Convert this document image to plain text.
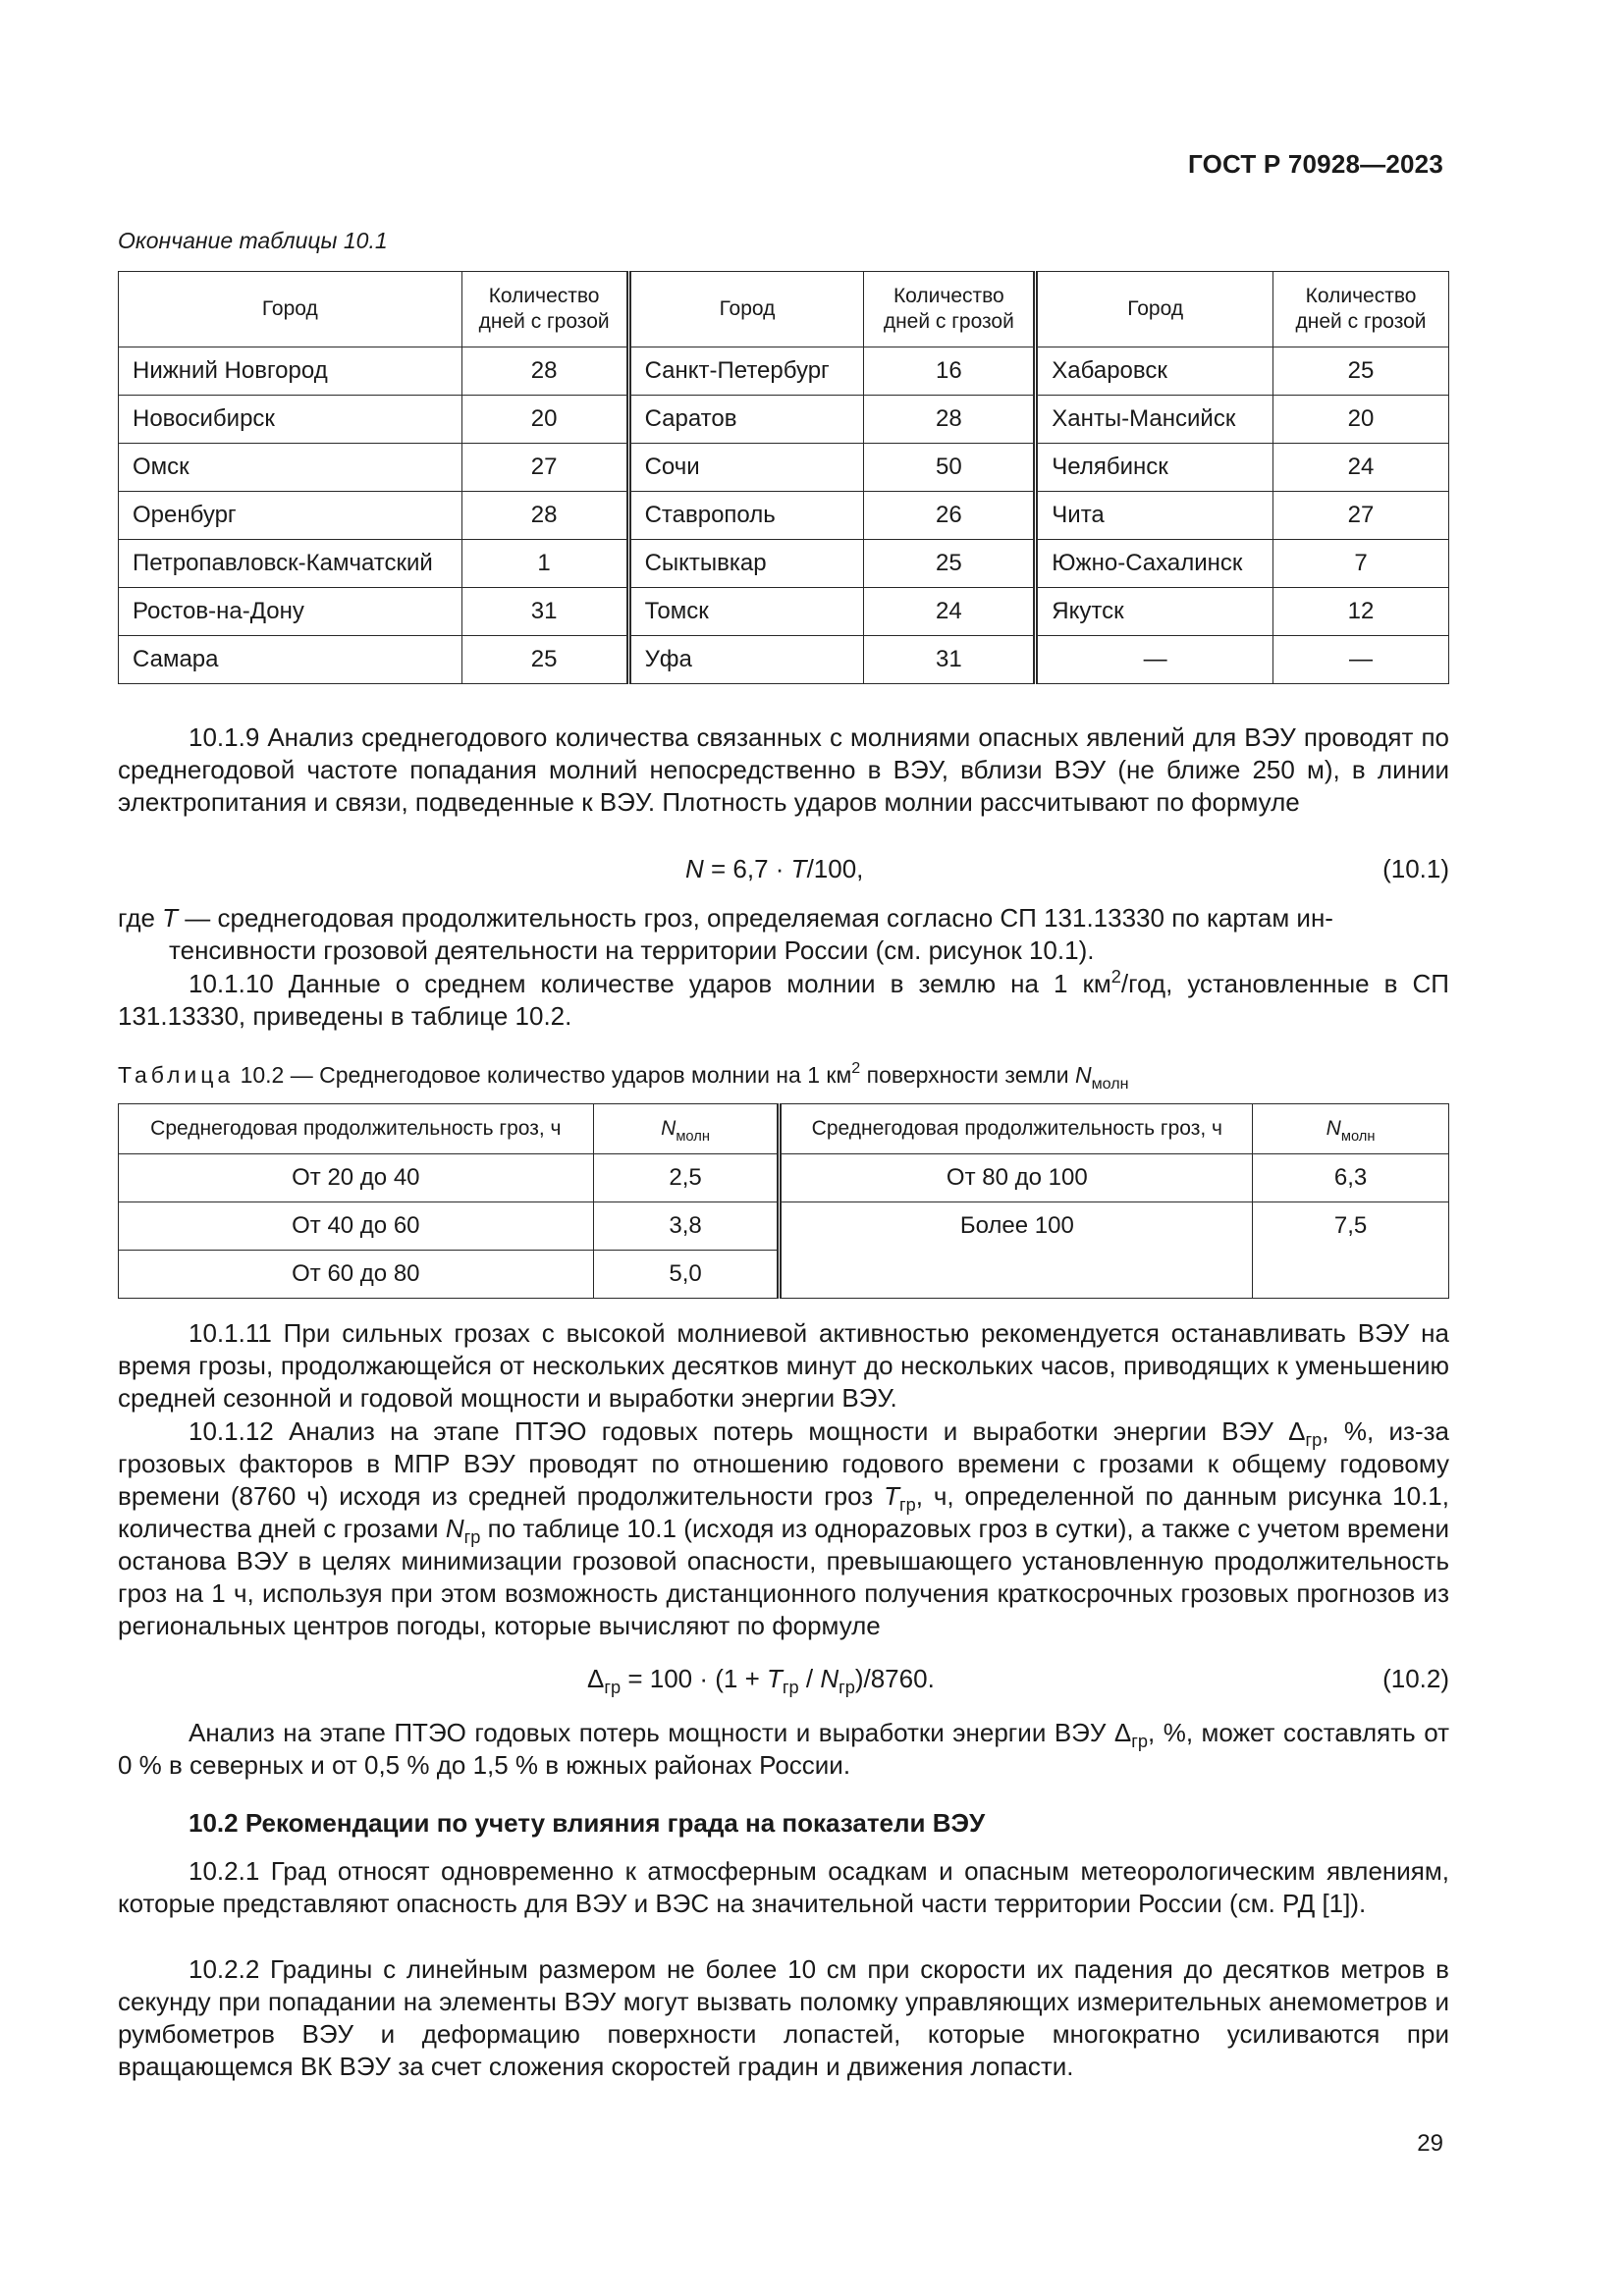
ГОСТ Р 70928—2023
Окончание таблицы 10.1
Город	Количество дней с грозой	Город	Количество дней с грозой	Город	Количество дней с грозой
Нижний Новгород	28	Санкт-Петербург	16	Хабаровск	25
Новосибирск	20	Саратов	28	Ханты-Мансийск	20
Омск	27	Сочи	50	Челябинск	24
Оренбург	28	Ставрополь	26	Чита	27
Петропавловск-Камчатский	1	Сыктывкар	25	Южно-Сахалинск	7
Ростов-на-Дону	31	Томск	24	Якутск	12
Самара	25	Уфа	31	—	—
10.1.9 Анализ среднегодового количества связанных с молниями опасных явлений для ВЭУ проводят по среднегодовой частоте попадания молний непосредственно в ВЭУ, вблизи ВЭУ (не ближе 250 м), в линии электропитания и связи, подведенные к ВЭУ. Плотность ударов молнии рассчитывают по формуле
N = 6,7 · T/100,	(10.1)
где T — среднегодовая продолжительность гроз, определяемая согласно СП 131.13330 по картам ин-
тенсивности грозовой деятельности на территории России (см. рисунок 10.1).
10.1.10 Данные о среднем количестве ударов молнии в землю на 1 $км^2$/год, установленные в СП 131.13330, приведены в таблице 10.2.
Таблица 10.2 — Среднегодовое количество ударов молнии на 1 $км^2$ поверхности земли $N_{молн}$
Среднегодовая продолжительность гроз, ч	$N_{молн}$	Среднегодовая продолжительность гроз, ч	$N_{молн}$
От 20 до 40	2,5	От 80 до 100	6,3
От 40 до 60	3,8	Более 100	7,5
От 60 до 80	5,0		
10.1.11 При сильных грозах с высокой молниевой активностью рекомендуется останавливать ВЭУ на время грозы, продолжающейся от нескольких десятков минут до нескольких часов, приводящих к уменьшению средней сезонной и годовой мощности и выработки энергии ВЭУ.
10.1.12 Анализ на этапе ПТЭО годовых потерь мощности и выработки энергии ВЭУ $\Delta_{гр}$, %, из-за грозовых факторов в МПР ВЭУ проводят по отношению годового времени с грозами к общему годовому времени (8760 ч) исходя из средней продолжительности гроз $T_{гр}$, ч, определенной по данным рисунка 10.1, количества дней с грозами $N_{гр}$ по таблице 10.1 (исходя из однорazовых гроз в сутки), а также с учетом времени останова ВЭУ в целях минимизации грозовой опасности, превышающего установленную продолжительность гроз на 1 ч, используя при этом возможность дистанционного получения краткосрочных грозовых прогнозов из региональных центров погоды, которые вычисляют по формуле
$\Delta_{гр} = 100 \cdot (1 + T_{гр} / N_{гр})/8760$.	(10.2)
Анализ на этапе ПТЭО годовых потерь мощности и выработки энергии ВЭУ $\Delta_{гр}$, %, может составлять от 0 % в северных и от 0,5 % до 1,5 % в южных районах России.
10.2 Рекомендации по учету влияния града на показатели ВЭУ
10.2.1 Град относят одновременно к атмосферным осадкам и опасным метеорологическим явлениям, которые представляют опасность для ВЭУ и ВЭС на значительной части территории России (см. РД [1]).
10.2.2 Градины с линейным размером не более 10 см при скорости их падения до десятков метров в секунду при попадании на элементы ВЭУ могут вызвать поломку управляющих измерительных анемометров и румбометров ВЭУ и деформацию поверхности лопастей, которые многократно усиливаются при вращающемся ВК ВЭУ за счет сложения скоростей градин и движения лопасти.
29
